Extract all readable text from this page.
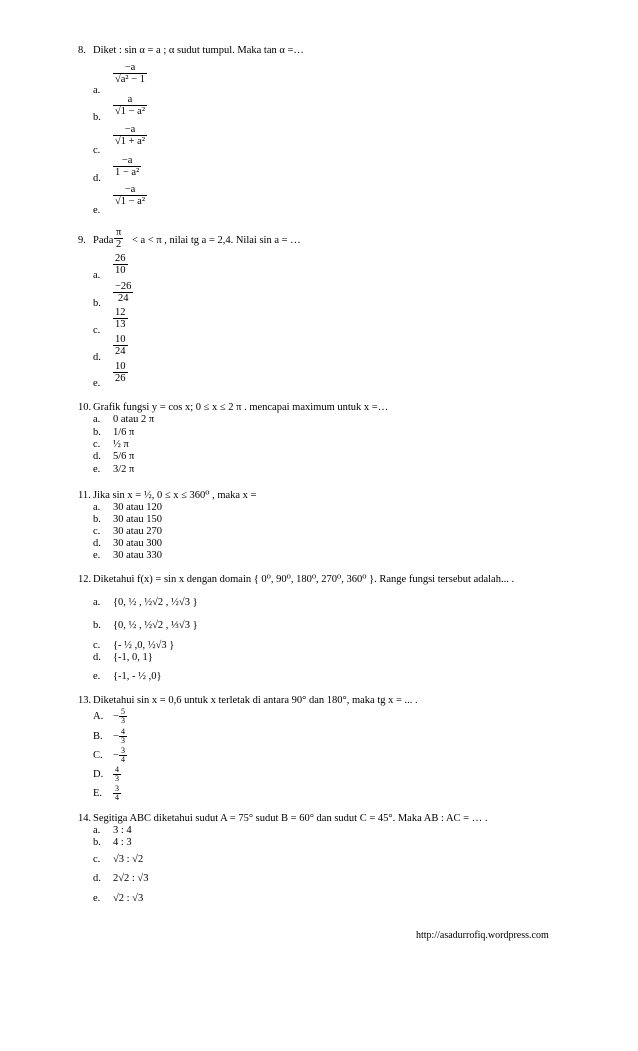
8. Diket : sin α = a ; α sudut tumpul. Maka tan α =…
a.
$\frac{-a}{\text{√a² − 1}}$
b.
$\frac{a}{\text{√1 − a²}}$
c.
$\frac{-a}{\text{√1 + a²}}$
d.
$\frac{-a}{\text{1 − a²}}$
e.
$\frac{-a}{\text{√1 − a²}}$
9. Pada $\frac{\pi}{2} < a < \pi$ , nilai tg a = 2,4. Nilai sin a = …
a. $\frac{26}{10}$
b. $\frac{-26}{24}$
c.
$\frac{12}{13}$
d.
$\frac{10}{24}$
e. $\frac{10}{26}$
10. Grafik fungsi y = cos x; 0 ≤ x ≤ 2 π . mencapai maximum untuk x =…
a. 0 atau 2 π
b. 1/6 π
c. ½ π
d. 5/6 π
e. 3/2 π
11. Jika sin x = ½, 0 ≤ x ≤ 360⁰ , maka x =
a. 30 atau 120
b. 30 atau 150
c. 30 atau 270
d. 30 atau 300
e. 30 atau 330
12. Diketahui f(x) = sin x dengan domain { 0⁰, 90⁰, 180⁰, 270⁰, 360⁰ }. Range fungsi tersebut adalah... .
a. {0, ½ , ½√2 , ½√3 }
b. {0, ½ , ½√2 , ⅓√3 }
c. {- ½ ,0, ½√3 }
d. {-1, 0, 1}
e. {-1, - ½ ,0}
13. Diketahui sin x = 0,6 untuk x terletak di antara 90° dan 180°, maka tg x = ... .
A. − $\frac{5}{3}$
B. − $\frac{4}{3}$
C. − $\frac{3}{4}$
D. $\frac{4}{3}$
E. $\frac{3}{4}$
14. Segitiga ABC diketahui sudut A = 75° sudut B = 60° dan sudut C = 45°. Maka AB : AC = … .
a. 3 : 4
b. 4 : 3
c. √3 : √2
d. 2√2 : √3
e. √2 : √3
http://asadurrofiq.wordpress.com
